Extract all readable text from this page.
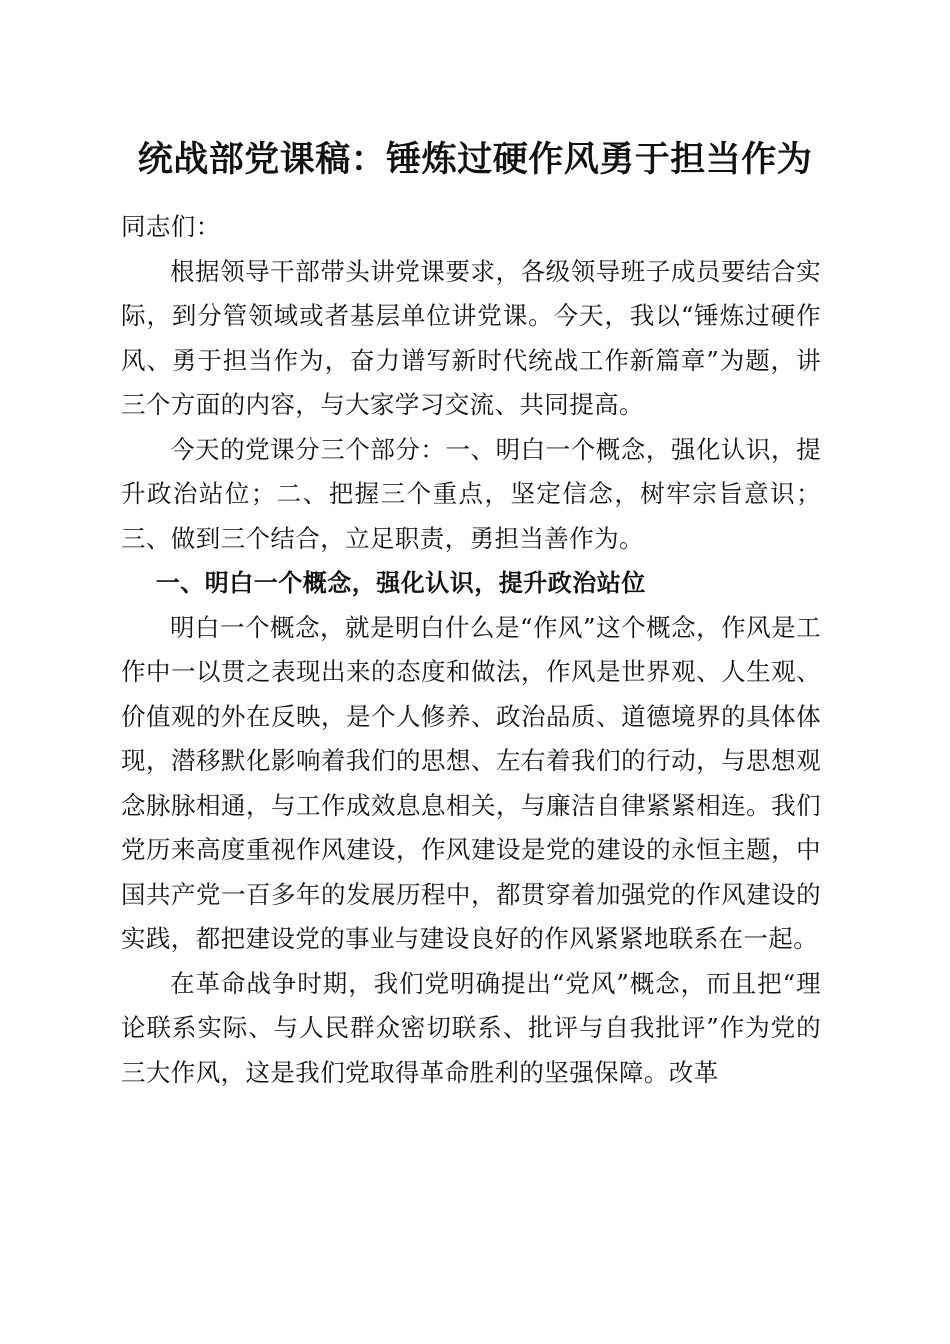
统战部党课稿：锤炼过硬作风勇于担当作为

同志们：

根据领导干部带头讲党课要求，各级领导班子成员要结合实际，到分管领域或者基层单位讲党课。今天，我以“锤炼过硬作风、勇于担当作为，奋力谱写新时代统战工作新篇章”为题，讲三个方面的内容，与大家学习交流、共同提高。

今天的党课分三个部分：一、明白一个概念，强化认识，提升政治站位；二、把握三个重点，坚定信念，树牢宗旨意识；三、做到三个结合，立足职责，勇担当善作为。

一、明白一个概念，强化认识，提升政治站位

明白一个概念，就是明白什么是“作风”这个概念，作风是工作中一以贯之表现出来的态度和做法，作风是世界观、人生观、价值观的外在反映，是个人修养、政治品质、道德境界的具体体现，潜移默化影响着我们的思想、左右着我们的行动，与思想观念脉脉相通，与工作成效息息相关，与廉洁自律紧紧相连。我们党历来高度重视作风建设，作风建设是党的建设的永恒主题，中国共产党一百多年的发展历程中，都贯穿着加强党的作风建设的实践，都把建设党的事业与建设良好的作风紧紧地联系在一起。

在革命战争时期，我们党明确提出“党风”概念，而且把“理论联系实际、与人民群众密切联系、批评与自我批评”作为党的三大作风，这是我们党取得革命胜利的坚强保障。改革
